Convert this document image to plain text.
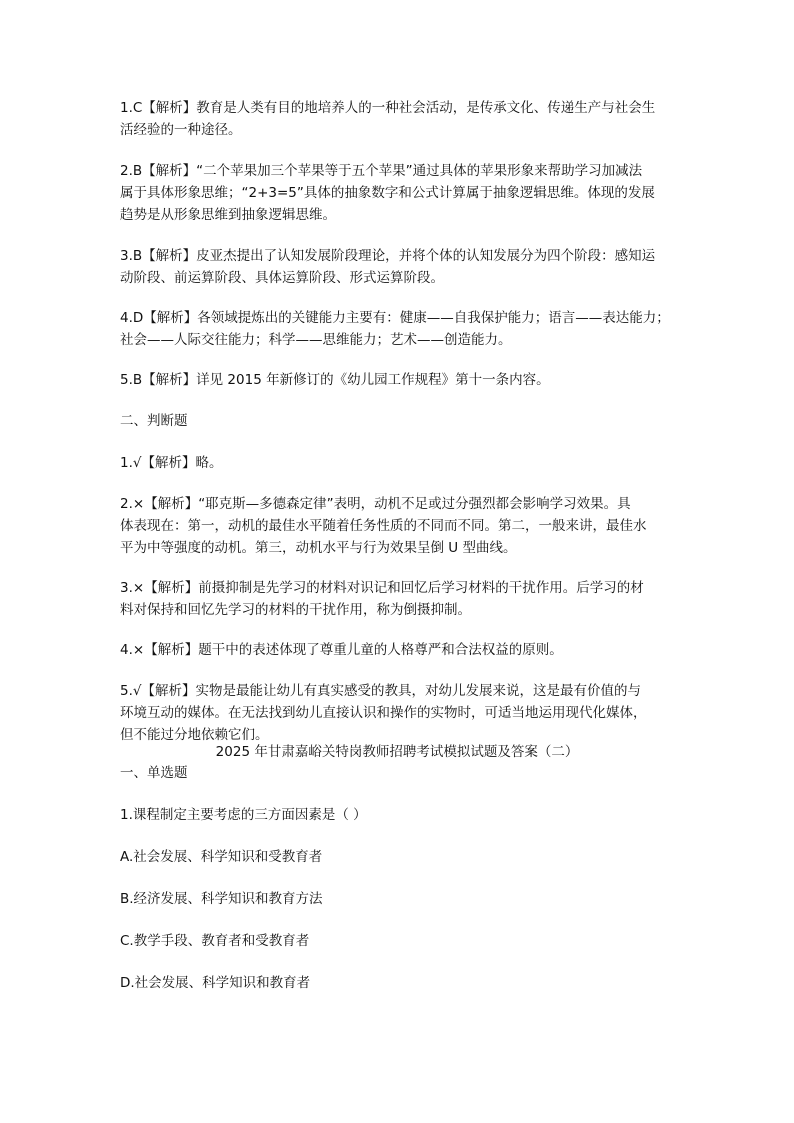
1.C【解析】教育是人类有目的地培养人的一种社会活动，是传承文化、传递生产与社会生
活经验的一种途径。

2.B【解析】“二个苹果加三个苹果等于五个苹果”通过具体的苹果形象来帮助学习加减法
属于具体形象思维；“2+3=5”具体的抽象数字和公式计算属于抽象逻辑思维。体现的发展
趋势是从形象思维到抽象逻辑思维。

3.B【解析】皮亚杰提出了认知发展阶段理论，并将个体的认知发展分为四个阶段：感知运
动阶段、前运算阶段、具体运算阶段、形式运算阶段。

4.D【解析】各领域提炼出的关键能力主要有：健康——自我保护能力；语言——表达能力；
社会——人际交往能力；科学——思维能力；艺术——创造能力。

5.B【解析】详见 2015 年新修订的《幼儿园工作规程》第十一条内容。

二、判断题

1.√【解析】略。

2.×【解析】“耶克斯—多德森定律”表明，动机不足或过分强烈都会影响学习效果。具
体表现在：第一，动机的最佳水平随着任务性质的不同而不同。第二，一般来讲，最佳水
平为中等强度的动机。第三，动机水平与行为效果呈倒 U 型曲线。

3.×【解析】前摄抑制是先学习的材料对识记和回忆后学习材料的干扰作用。后学习的材
料对保持和回忆先学习的材料的干扰作用，称为倒摄抑制。

4.×【解析】题干中的表述体现了尊重儿童的人格尊严和合法权益的原则。

5.√【解析】实物是最能让幼儿有真实感受的教具，对幼儿发展来说，这是最有价值的与
环境互动的媒体。在无法找到幼儿直接认识和操作的实物时，可适当地运用现代化媒体，
但不能过分地依赖它们。

2025 年甘肃嘉峪关特岗教师招聘考试模拟试题及答案（二）

一、单选题

1.课程制定主要考虑的三方面因素是（ ）

A.社会发展、科学知识和受教育者

B.经济发展、科学知识和教育方法

C.教学手段、教育者和受教育者

D.社会发展、科学知识和教育者
